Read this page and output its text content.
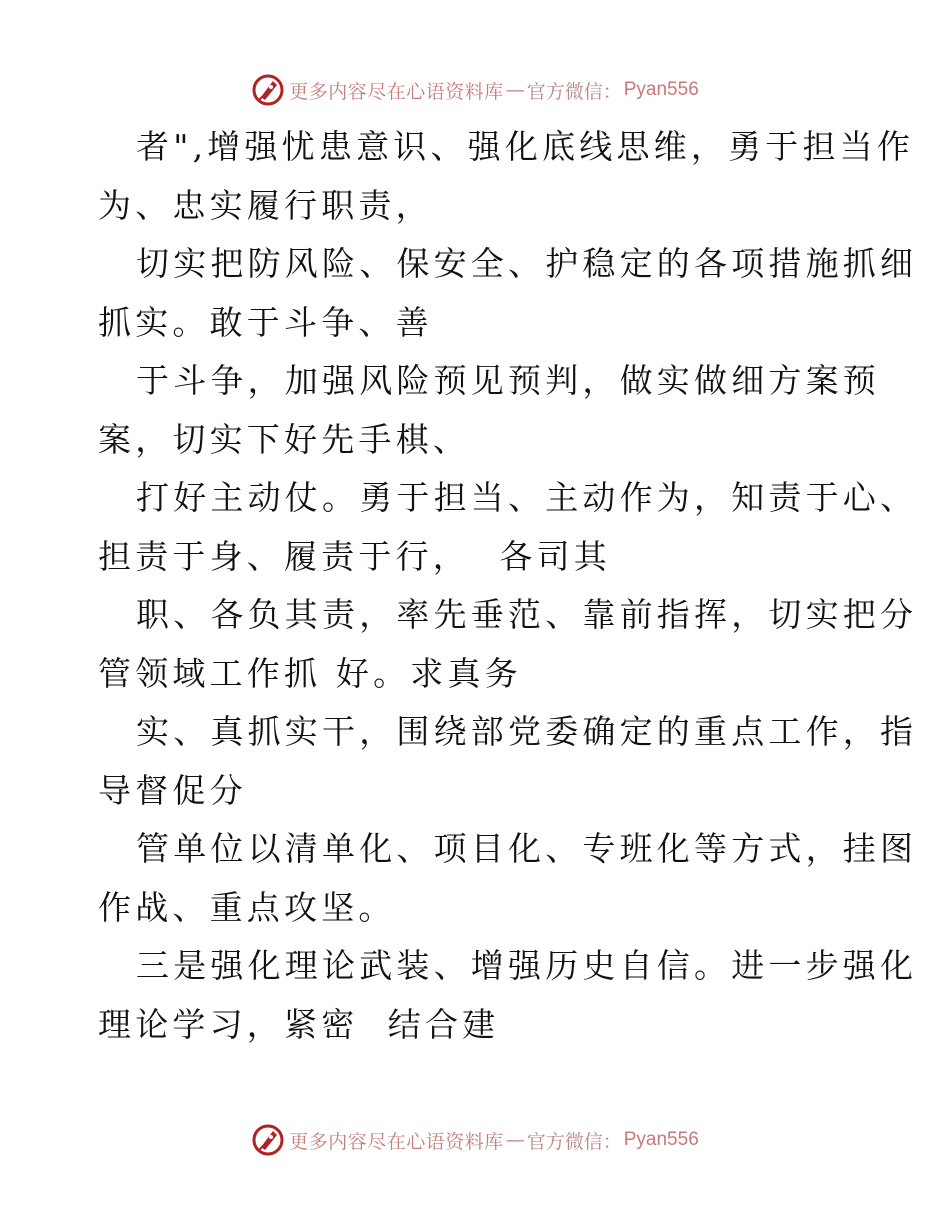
更多内容尽在心语资料库 — 官方微信： Pyan556
者",增强忧患意识、强化底线思维，勇于担当作
为、忠实履行职责，
切实把防风险、保安全、护稳定的各项措施抓细
抓实。敢于斗争、善
于斗争，加强风险预见预判，做实做细方案预
案，切实下好先手棋、
打好主动仗。勇于担当、主动作为，知责于心、
担责于身、履责于行，  各司其
职、各负其责，率先垂范、靠前指挥，切实把分
管领域工作抓 好。求真务
实、真抓实干，围绕部党委确定的重点工作，指
导督促分
管单位以清单化、项目化、专班化等方式，挂图
作战、重点攻坚。
三是强化理论武装、增强历史自信。进一步强化
理论学习，紧密  结合建
更多内容尽在心语资料库 — 官方微信： Pyan556
